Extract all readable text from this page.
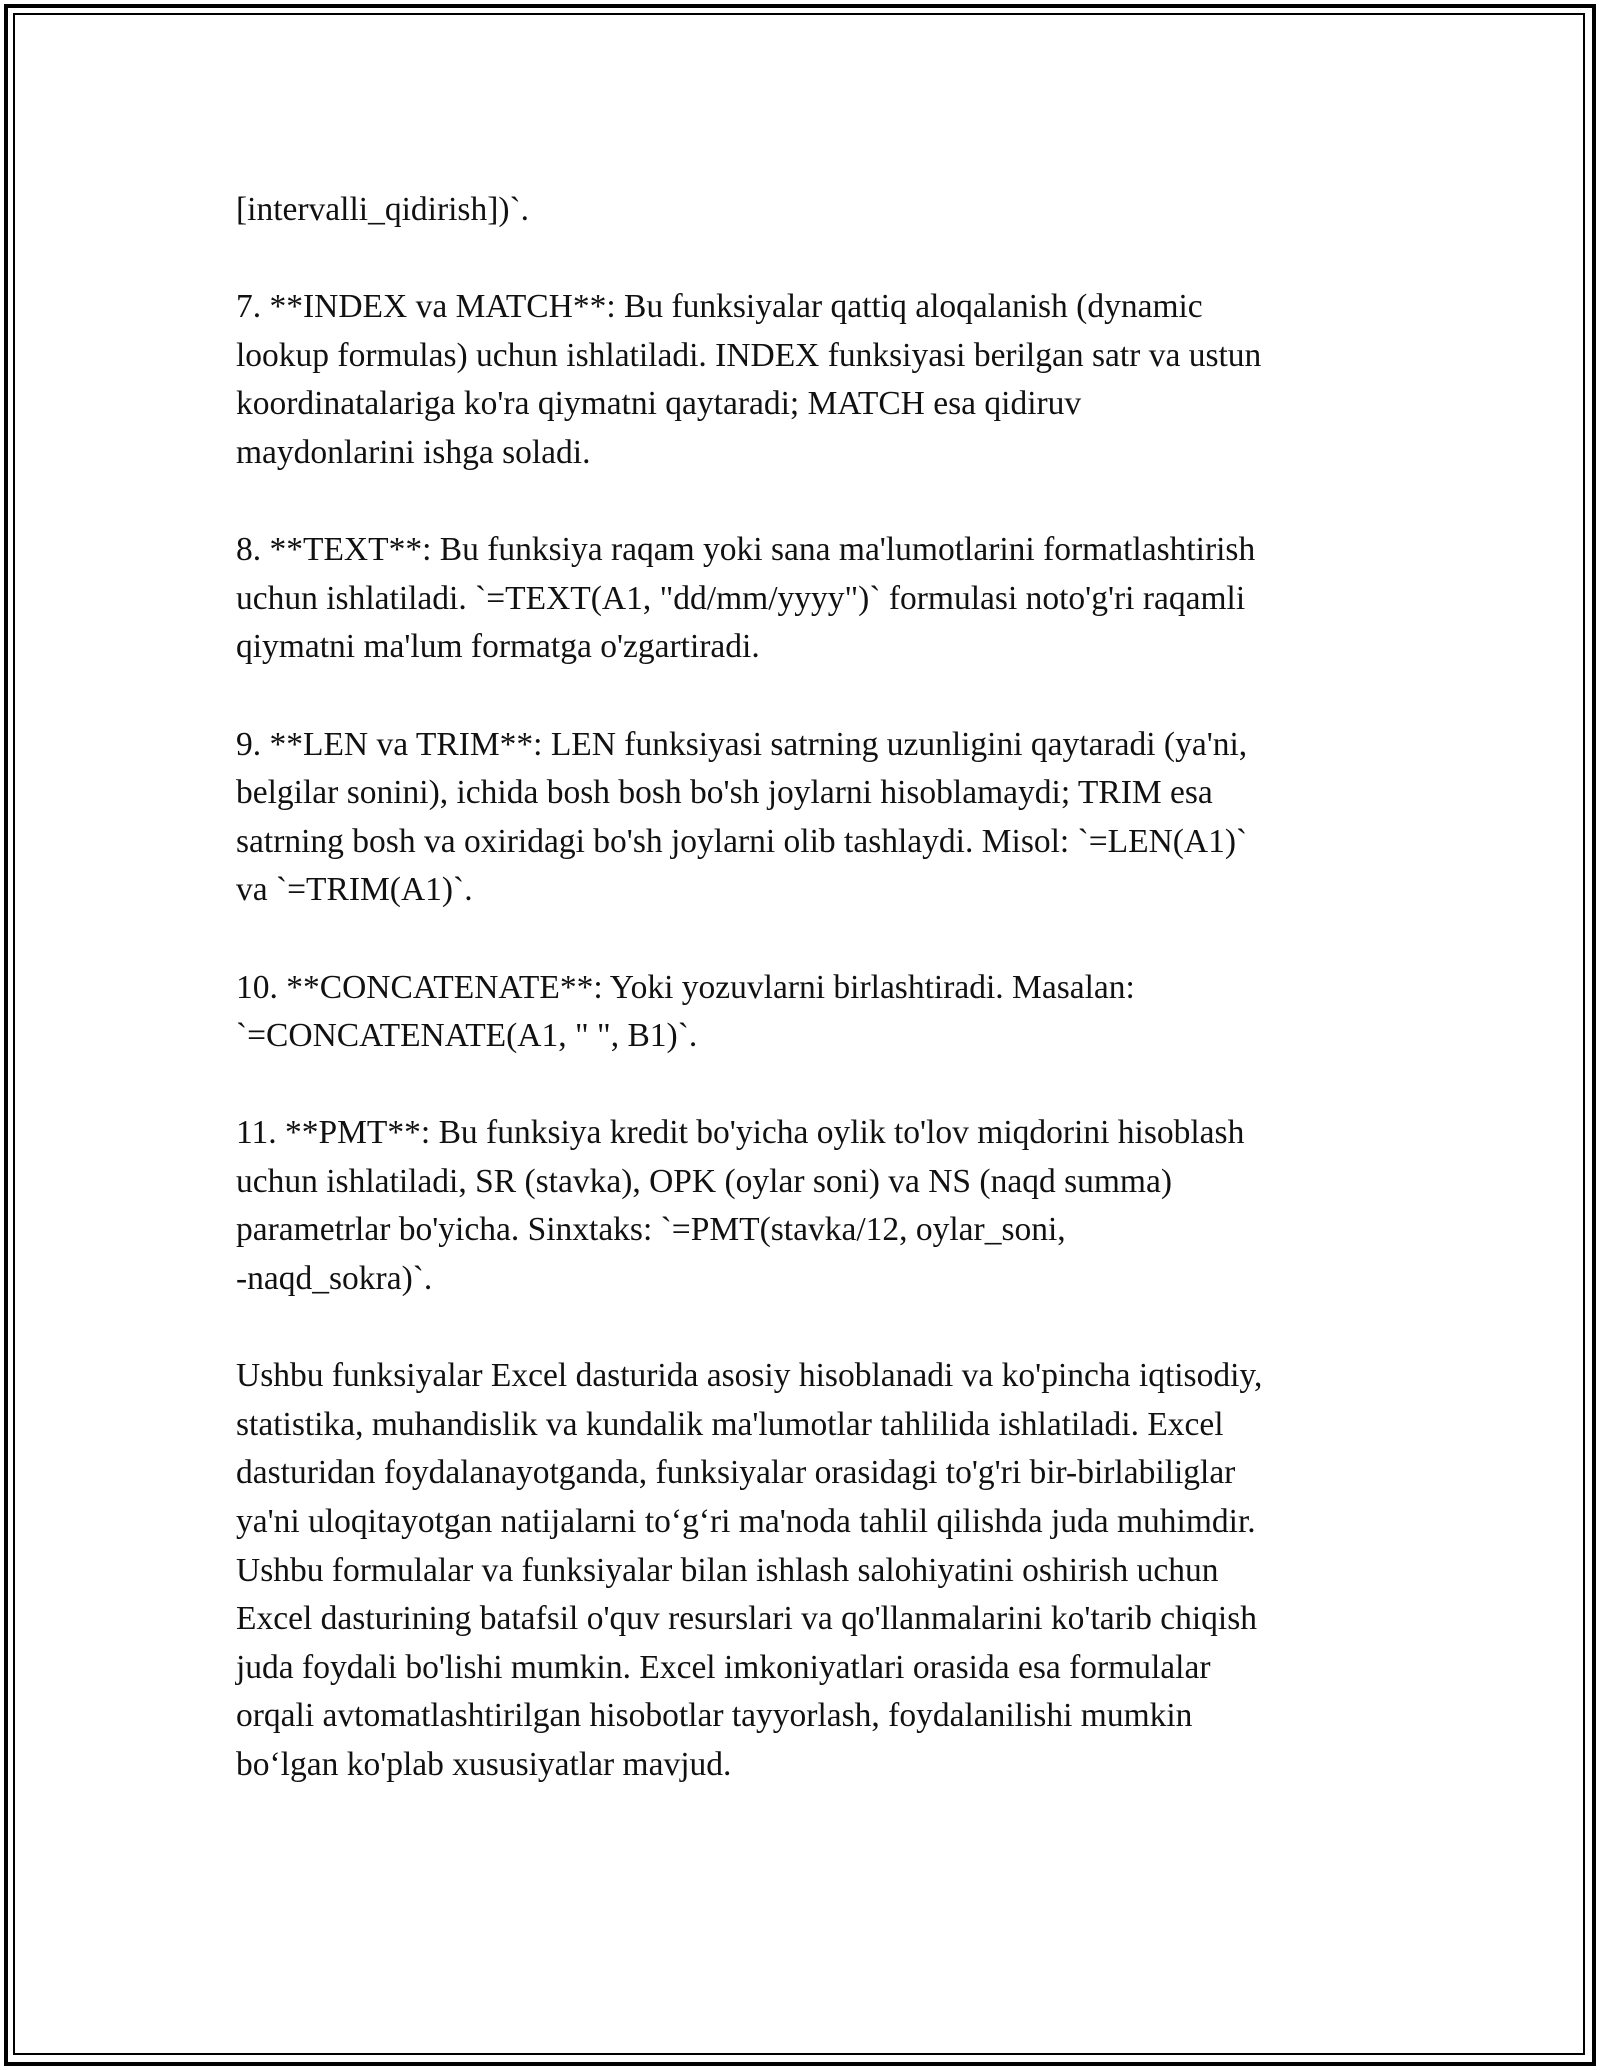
[intervalli_qidirish])`.

7. **INDEX va MATCH**: Bu funksiyalar qattiq aloqalanish (dynamic
lookup formulas) uchun ishlatiladi. INDEX funksiyasi berilgan satr va ustun
koordinatalariga ko'ra qiymatni qaytaradi; MATCH esa qidiruv
maydonlarini ishga soladi.

8. **TEXT**: Bu funksiya raqam yoki sana ma'lumotlarini formatlashtirish
uchun ishlatiladi. `=TEXT(A1, "dd/mm/yyyy")` formulasi noto'g'ri raqamli
qiymatni ma'lum formatga o'zgartiradi.

9. **LEN va TRIM**: LEN funksiyasi satrning uzunligini qaytaradi (ya'ni,
belgilar sonini), ichida bosh bosh bo'sh joylarni hisoblamaydi; TRIM esa
satrning bosh va oxiridagi bo'sh joylarni olib tashlaydi. Misol: `=LEN(A1)`
va `=TRIM(A1)`.

10. **CONCATENATE**: Yoki yozuvlarni birlashtiradi. Masalan:
`=CONCATENATE(A1, " ", B1)`.

11. **PMT**: Bu funksiya kredit bo'yicha oylik to'lov miqdorini hisoblash
uchun ishlatiladi, SR (stavka), OPK (oylar soni) va NS (naqd summa)
parametrlar bo'yicha. Sinxtaks: `=PMT(stavka/12, oylar_soni,
-naqd_sokra)`.

Ushbu funksiyalar Excel dasturida asosiy hisoblanadi va ko'pincha iqtisodiy,
statistika, muhandislik va kundalik ma'lumotlar tahlilida ishlatiladi. Excel
dasturidan foydalanayotganda, funksiyalar orasidagi to'g'ri bir-birlabiliglar
ya'ni uloqitayotgan natijalarni to‘g‘ri ma'noda tahlil qilishda juda muhimdir.
Ushbu formulalar va funksiyalar bilan ishlash salohiyatini oshirish uchun
Excel dasturining batafsil o'quv resurslari va qo'llanmalarini ko'tarib chiqish
juda foydali bo'lishi mumkin. Excel imkoniyatlari orasida esa formulalar
orqali avtomatlashtirilgan hisobotlar tayyorlash, foydalanilishi mumkin
bo‘lgan ko'plab xususiyatlar mavjud.
